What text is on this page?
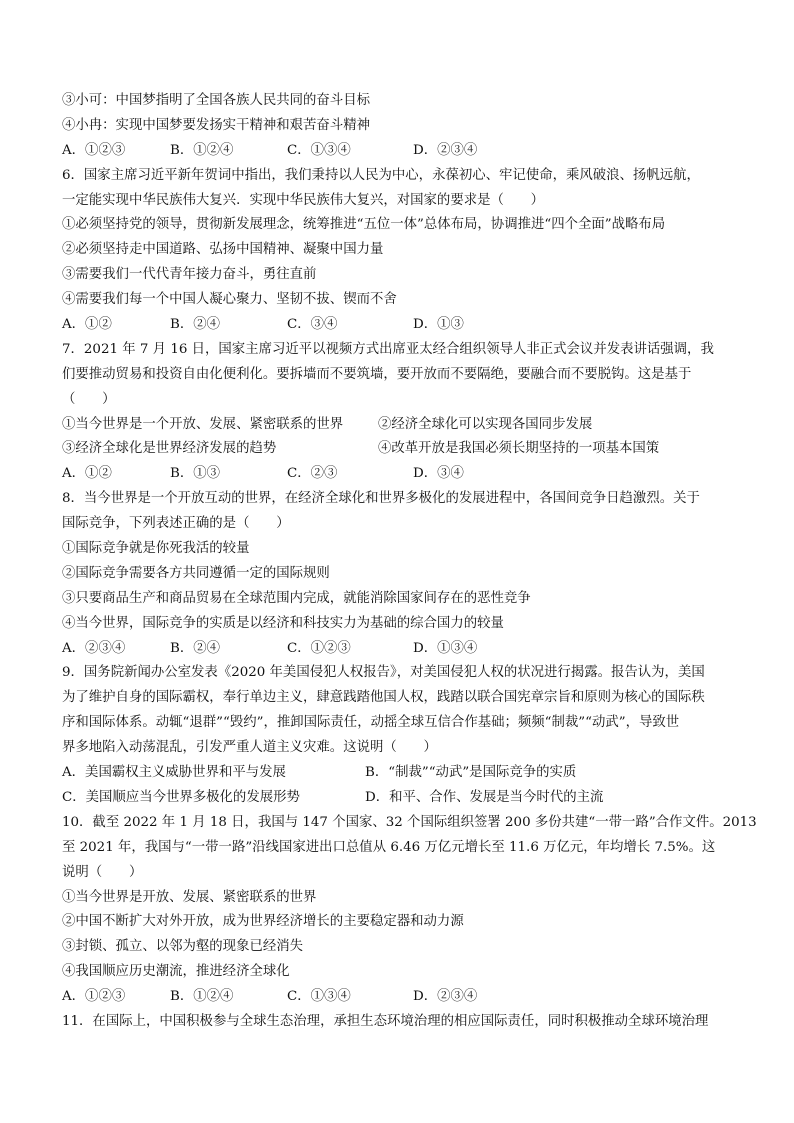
③小可：中国梦指明了全国各族人民共同的奋斗目标
④小冉：实现中国梦要发扬实干精神和艰苦奋斗精神
A．①②③	B．①②④	C．①③④	D．②③④
6．国家主席习近平新年贺词中指出，我们秉持以人民为中心，永葆初心、牢记使命，乘风破浪、扬帆远航，
一定能实现中华民族伟大复兴．实现中华民族伟大复兴，对国家的要求是（　　）
①必须坚持党的领导，贯彻新发展理念，统筹推进“五位一体”总体布局，协调推进“四个全面”战略布局
②必须坚持走中国道路、弘扬中国精神、凝聚中国力量
③需要我们一代代青年接力奋斗，勇往直前
④需要我们每一个中国人凝心聚力、坚韧不拔、锲而不舍
A．①②	B．②④	C．③④	D．①③
7．2021 年 7 月 16 日，国家主席习近平以视频方式出席亚太经合组织领导人非正式会议并发表讲话强调，我
们要推动贸易和投资自由化便利化。要拆墙而不要筑墙，要开放而不要隔绝，要融合而不要脱钩。这是基于
（　　）
①当今世界是一个开放、发展、紧密联系的世界	②经济全球化可以实现各国同步发展
③经济全球化是世界经济发展的趋势	④改革开放是我国必须长期坚持的一项基本国策
A．①②	B．①③	C．②③	D．③④
8．当今世界是一个开放互动的世界，在经济全球化和世界多极化的发展进程中，各国间竞争日趋激烈。关于
国际竞争，下列表述正确的是（　　）
①国际竞争就是你死我活的较量
②国际竞争需要各方共同遵循一定的国际规则
③只要商品生产和商品贸易在全球范围内完成，就能消除国家间存在的恶性竞争
④当今世界，国际竞争的实质是以经济和科技实力为基础的综合国力的较量
A．②③④	B．②④	C．①②③	D．①③④
9．国务院新闻办公室发表《2020 年美国侵犯人权报告》，对美国侵犯人权的状况进行揭露。报告认为，美国
为了维护自身的国际霸权，奉行单边主义，肆意践踏他国人权，践踏以联合国宪章宗旨和原则为核心的国际秩
序和国际体系。动辄“退群”“毁约”，推卸国际责任，动摇全球互信合作基础；频频“制裁”“动武”，导致世
界多地陷入动荡混乱，引发严重人道主义灾难。这说明（　　）
A．美国霸权主义威胁世界和平与发展	B．“制裁”“动武”是国际竞争的实质
C．美国顺应当今世界多极化的发展形势	D．和平、合作、发展是当今时代的主流
10．截至 2022 年 1 月 18 日，我国与 147 个国家、32 个国际组织签署 200 多份共建“一带一路”合作文件。2013
至 2021 年，我国与“一带一路”沿线国家进出口总值从 6.46 万亿元增长至 11.6 万亿元，年均增长 7.5%。这
说明（　　）
①当今世界是开放、发展、紧密联系的世界
②中国不断扩大对外开放，成为世界经济增长的主要稳定器和动力源
③封锁、孤立、以邻为壑的现象已经消失
④我国顺应历史潮流，推进经济全球化
A．①②③	B．①②④	C．①③④	D．②③④
11．在国际上，中国积极参与全球生态治理，承担生态环境治理的相应国际责任，同时积极推动全球环境治理
